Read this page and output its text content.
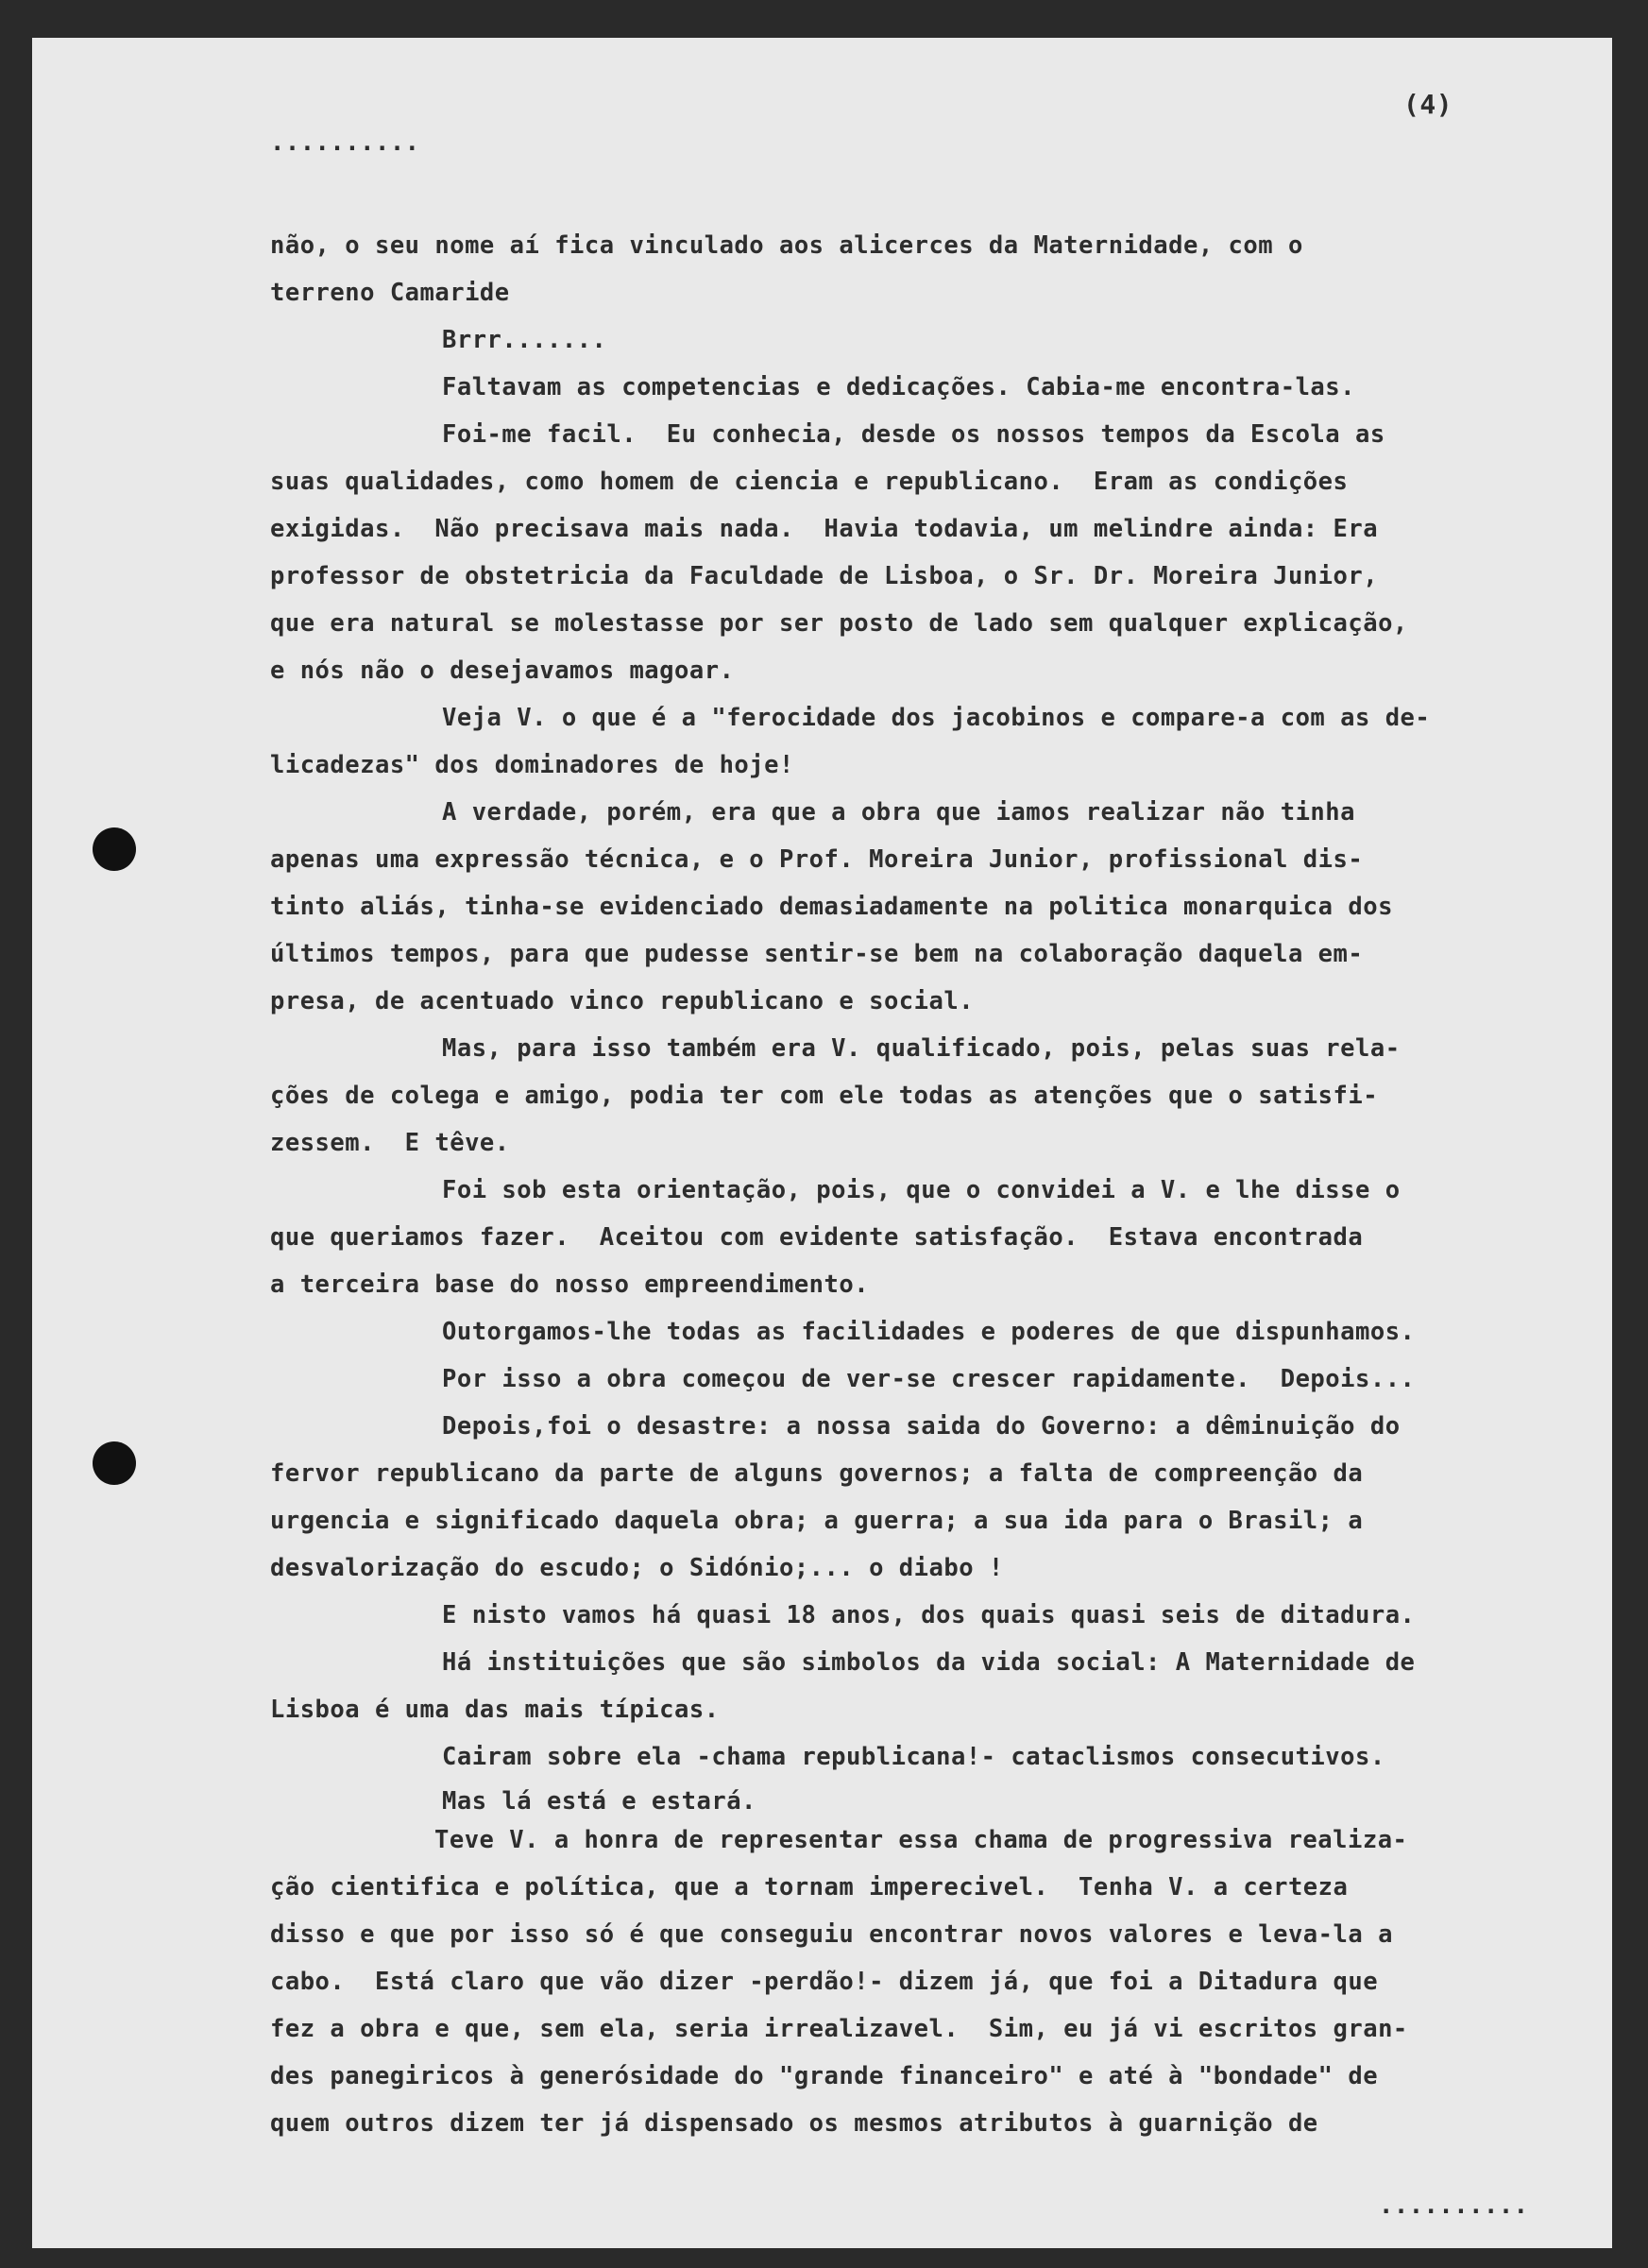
(4)
..........
não, o seu nome aí fica vinculado aos alicerces da Maternidade, com o
terreno Camaride
Brrr.......
Faltavam as competencias e dedicações. Cabia-me encontra-las.
Foi-me facil.  Eu conhecia, desde os nossos tempos da Escola as
suas qualidades, como homem de ciencia e republicano.  Eram as condições
exigidas.  Não precisava mais nada.  Havia todavia, um melindre ainda: Era
professor de obstetricia da Faculdade de Lisboa, o Sr. Dr. Moreira Junior,
que era natural se molestasse por ser posto de lado sem qualquer explicação,
e nós não o desejavamos magoar.
Veja V. o que é a "ferocidade dos jacobinos e compare-a com as de-
licadezas" dos dominadores de hoje!
A verdade, porém, era que a obra que iamos realizar não tinha
apenas uma expressão técnica, e o Prof. Moreira Junior, profissional dis-
tinto aliás, tinha-se evidenciado demasiadamente na politica monarquica dos
últimos tempos, para que pudesse sentir-se bem na colaboração daquela em-
presa, de acentuado vinco republicano e social.
Mas, para isso também era V. qualificado, pois, pelas suas rela-
ções de colega e amigo, podia ter com ele todas as atenções que o satisfi-
zessem.  E têve.
Foi sob esta orientação, pois, que o convidei a V. e lhe disse o
que queriamos fazer.  Aceitou com evidente satisfação.  Estava encontrada
a terceira base do nosso empreendimento.
Outorgamos-lhe todas as facilidades e poderes de que dispunhamos.
Por isso a obra começou de ver-se crescer rapidamente.  Depois...
Depois,foi o desastre: a nossa saida do Governo: a dêminuição do
fervor republicano da parte de alguns governos; a falta de compreenção da
urgencia e significado daquela obra; a guerra; a sua ida para o Brasil; a
desvalorização do escudo; o Sidónio;... o diabo !
E nisto vamos há quasi 18 anos, dos quais quasi seis de ditadura.
Há instituições que são simbolos da vida social: A Maternidade de
Lisboa é uma das mais típicas.
Cairam sobre ela -chama republicana!- cataclismos consecutivos.
Mas lá está e estará.
Teve V. a honra de representar essa chama de progressiva realiza-
ção cientifica e política, que a tornam imperecivel.  Tenha V. a certeza
disso e que por isso só é que conseguiu encontrar novos valores e leva-la a
cabo.  Está claro que vão dizer -perdão!- dizem já, que foi a Ditadura que
fez a obra e que, sem ela, seria irrealizavel.  Sim, eu já vi escritos gran-
des panegiricos à generósidade do "grande financeiro" e até à "bondade" de
quem outros dizem ter já dispensado os mesmos atributos à guarnição de
..........
